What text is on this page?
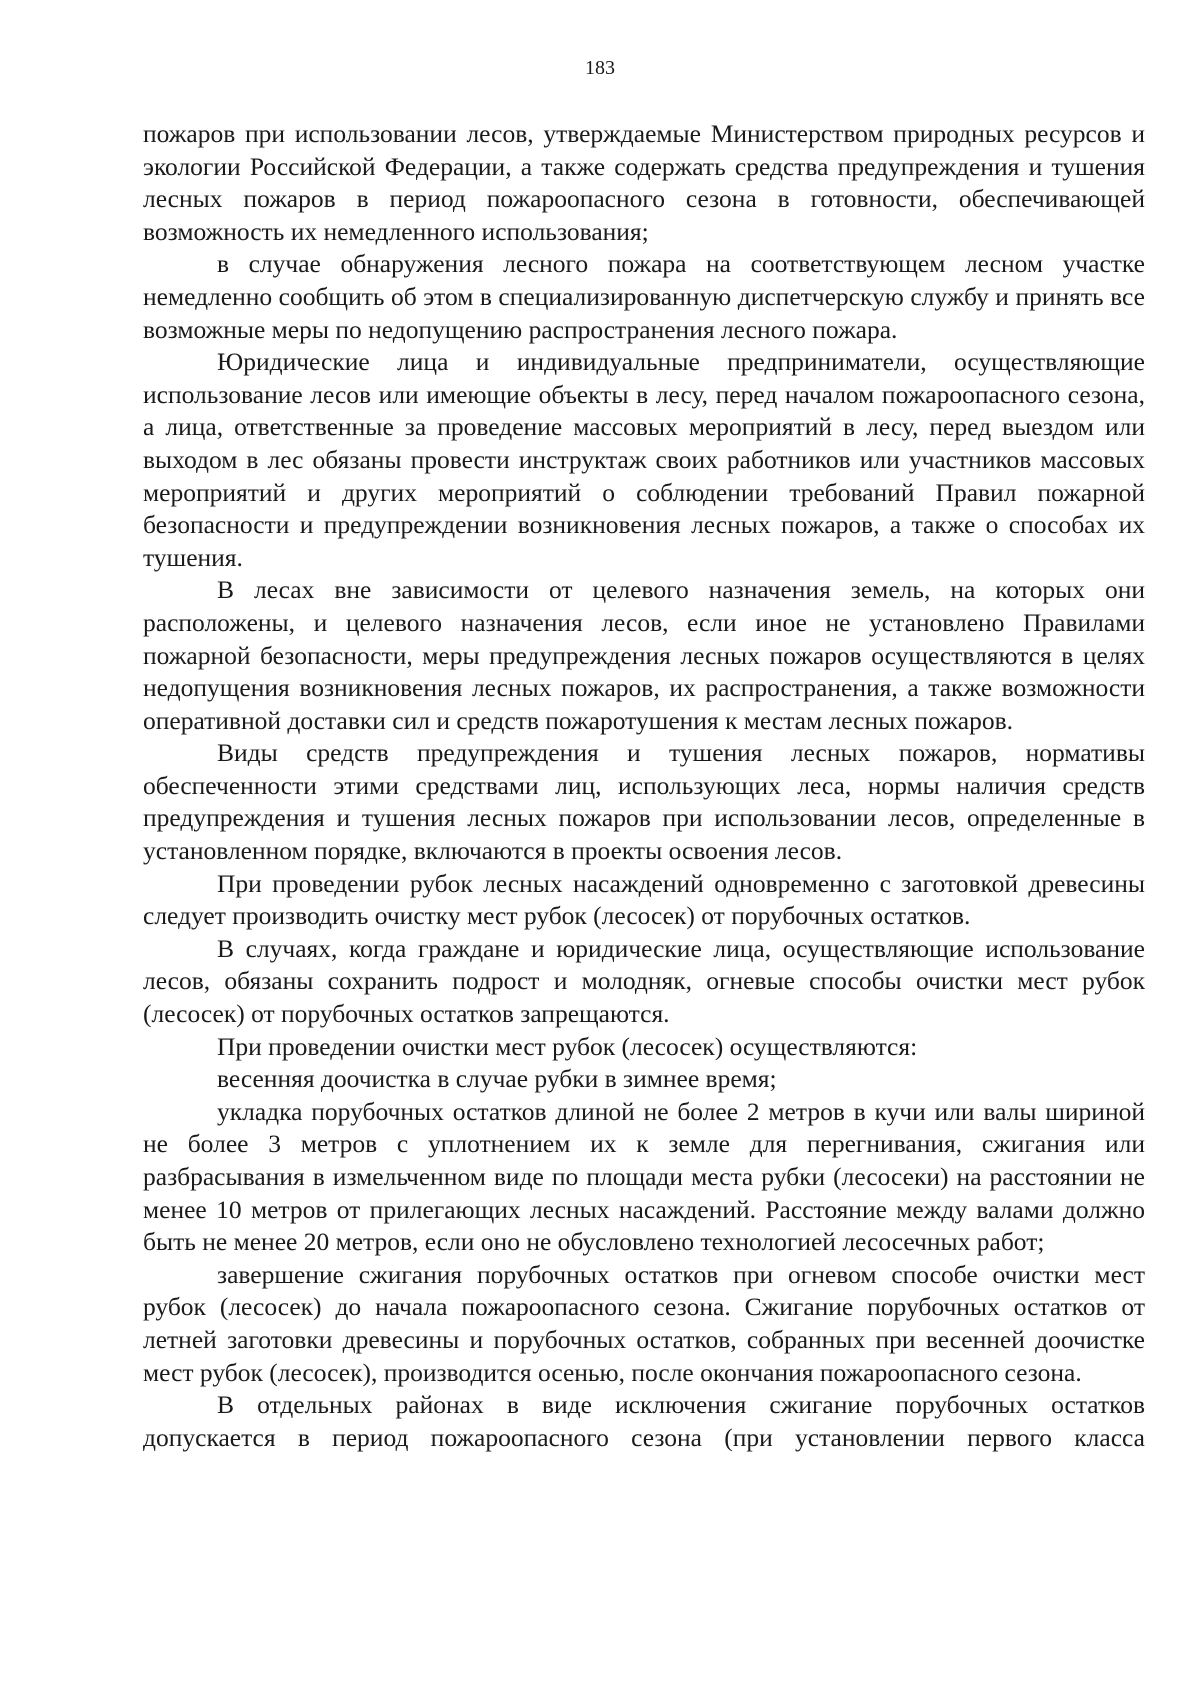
183

пожаров при использовании лесов, утверждаемые Министерством природных ресурсов и экологии Российской Федерации, а также содержать средства предупреждения и тушения лесных пожаров в период пожароопасного сезона в готовности, обеспечивающей возможность их немедленного использования;

в случае обнаружения лесного пожара на соответствующем лесном участке немедленно сообщить об этом в специализированную диспетчерскую службу и принять все возможные меры по недопущению распространения лесного пожара.

Юридические лица и индивидуальные предприниматели, осуществляющие использование лесов или имеющие объекты в лесу, перед началом пожароопасного сезона, а лица, ответственные за проведение массовых мероприятий в лесу, перед выездом или выходом в лес обязаны провести инструктаж своих работников или участников массовых мероприятий и других мероприятий о соблюдении требований Правил пожарной безопасности и предупреждении возникновения лесных пожаров, а также о способах их тушения.

В лесах вне зависимости от целевого назначения земель, на которых они расположены, и целевого назначения лесов, если иное не установлено Правилами пожарной безопасности, меры предупреждения лесных пожаров осуществляются в целях недопущения возникновения лесных пожаров, их распространения, а также возможности оперативной доставки сил и средств пожаротушения к местам лесных пожаров.

Виды средств предупреждения и тушения лесных пожаров, нормативы обеспеченности этими средствами лиц, использующих леса, нормы наличия средств предупреждения и тушения лесных пожаров при использовании лесов, определенные в установленном порядке, включаются в проекты освоения лесов.

При проведении рубок лесных насаждений одновременно с заготовкой древесины следует производить очистку мест рубок (лесосек) от порубочных остатков.

В случаях, когда граждане и юридические лица, осуществляющие использование лесов, обязаны сохранить подрост и молодняк, огневые способы очистки мест рубок (лесосек) от порубочных остатков запрещаются.

При проведении очистки мест рубок (лесосек) осуществляются:

весенняя доочистка в случае рубки в зимнее время;

укладка порубочных остатков длиной не более 2 метров в кучи или валы шириной не более 3 метров с уплотнением их к земле для перегнивания, сжигания или разбрасывания в измельченном виде по площади места рубки (лесосеки) на расстоянии не менее 10 метров от прилегающих лесных насаждений. Расстояние между валами должно быть не менее 20 метров, если оно не обусловлено технологией лесосечных работ;

завершение сжигания порубочных остатков при огневом способе очистки мест рубок (лесосек) до начала пожароопасного сезона. Сжигание порубочных остатков от летней заготовки древесины и порубочных остатков, собранных при весенней доочистке мест рубок (лесосек), производится осенью, после окончания пожароопасного сезона.

В отдельных районах в виде исключения сжигание порубочных остатков допускается в период пожароопасного сезона (при установлении первого класса
